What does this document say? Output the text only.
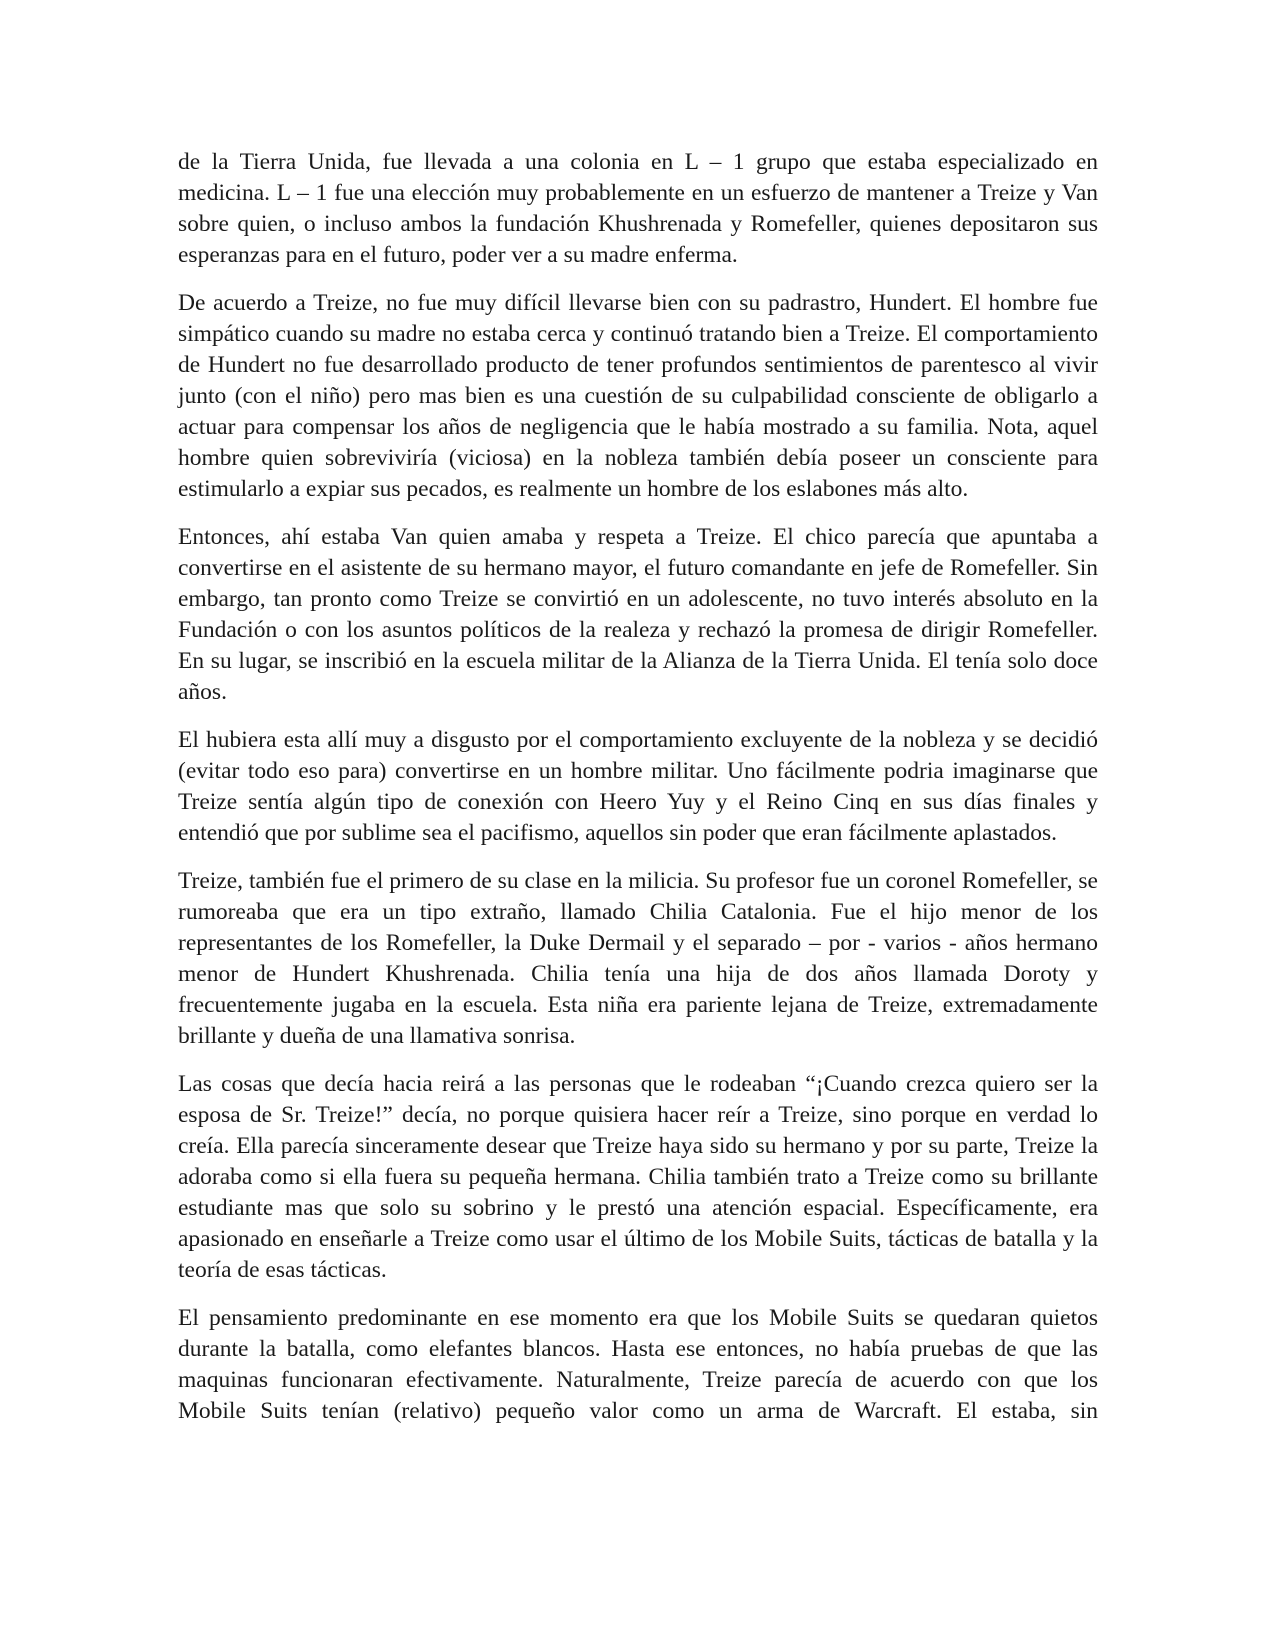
de la Tierra Unida, fue llevada a una colonia en L – 1 grupo que estaba especializado en medicina. L – 1 fue una elección muy probablemente en un esfuerzo de mantener a Treize y Van sobre quien, o incluso ambos la fundación Khushrenada y Romefeller, quienes depositaron sus esperanzas para en el futuro, poder ver a su madre enferma.

De acuerdo a Treize, no fue muy difícil llevarse bien con su padrastro, Hundert. El hombre fue simpático cuando su madre no estaba cerca y continuó tratando bien a Treize. El comportamiento de Hundert no fue desarrollado producto de tener profundos sentimientos de parentesco al vivir junto (con el niño) pero mas bien es una cuestión de su culpabilidad consciente de obligarlo a actuar para compensar los años de negligencia que le había mostrado a su familia. Nota, aquel hombre quien sobreviviría (viciosa) en la nobleza también debía poseer un consciente para estimularlo a expiar sus pecados, es realmente un hombre de los eslabones más alto.

Entonces, ahí estaba Van quien amaba y respeta a Treize. El chico parecía que apuntaba a convertirse en el asistente de su hermano mayor, el futuro comandante en jefe de Romefeller. Sin embargo, tan pronto como Treize se convirtió en un adolescente, no tuvo interés absoluto en la Fundación o con los asuntos políticos de la realeza y rechazó la promesa de dirigir Romefeller. En su lugar, se inscribió en la escuela militar de la Alianza de la Tierra Unida. El tenía solo doce años.

El hubiera esta allí muy a disgusto por el comportamiento excluyente de la nobleza y se decidió (evitar todo eso para) convertirse en un hombre militar. Uno fácilmente podria imaginarse que Treize sentía algún tipo de conexión con Heero Yuy y el Reino Cinq en sus días finales y entendió que por sublime sea el pacifismo, aquellos sin poder que eran fácilmente aplastados.

Treize, también fue el primero de su clase en la milicia. Su profesor fue un coronel Romefeller, se rumoreaba que era un tipo extraño, llamado Chilia Catalonia. Fue el hijo menor de los representantes de los Romefeller, la Duke Dermail y el separado – por - varios - años hermano menor de Hundert Khushrenada. Chilia tenía una hija de dos años llamada Doroty y frecuentemente jugaba en la escuela. Esta niña era pariente lejana de Treize, extremadamente brillante y dueña de una llamativa sonrisa.

Las cosas que decía hacia reirá a las personas que le rodeaban “¡Cuando crezca quiero ser la esposa de Sr. Treize!” decía, no porque quisiera hacer reír a Treize, sino porque en verdad lo creía. Ella parecía sinceramente desear que Treize haya sido su hermano y por su parte, Treize la adoraba como si ella fuera su pequeña hermana. Chilia también trato a Treize como su brillante estudiante mas que solo su sobrino y le prestó una atención espacial. Específicamente, era apasionado en enseñarle a Treize como usar el último de los Mobile Suits, tácticas de batalla y la teoría de esas tácticas.

El pensamiento predominante en ese momento era que los Mobile Suits se quedaran quietos durante la batalla, como elefantes blancos. Hasta ese entonces, no había pruebas de que las maquinas funcionaran efectivamente. Naturalmente, Treize parecía de acuerdo con que los Mobile Suits tenían (relativo) pequeño valor como un arma de Warcraft. El estaba, sin
